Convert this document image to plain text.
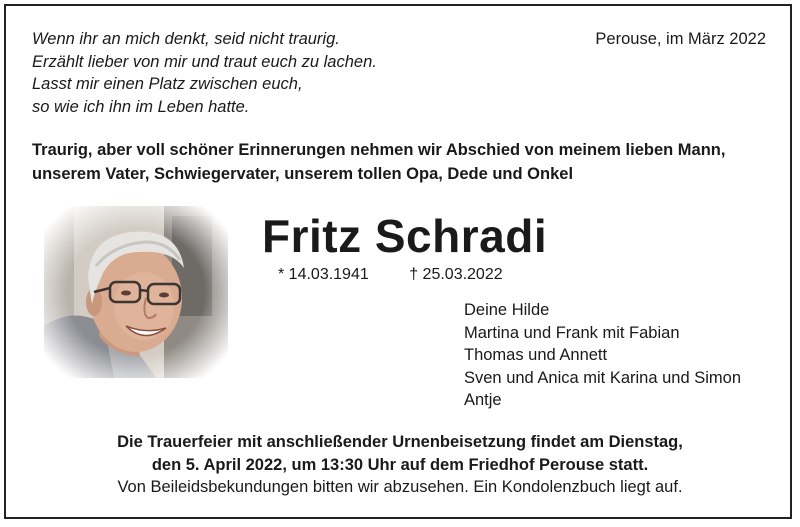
Wenn ihr an mich denkt, seid nicht traurig.
Erzählt lieber von mir und traut euch zu lachen.
Lasst mir einen Platz zwischen euch,
so wie ich ihn im Leben hatte.
Perouse, im März 2022
Traurig, aber voll schöner Erinnerungen nehmen wir Abschied von meinem lieben Mann,
unserem Vater, Schwiegervater, unserem tollen Opa, Dede und Onkel
Fritz Schradi
* 14.03.1941	† 25.03.2022
Deine Hilde
Martina und Frank mit Fabian
Thomas und Annett
Sven und Anica mit Karina und Simon
Antje
Die Trauerfeier mit anschließender Urnenbeisetzung findet am Dienstag,
den 5. April 2022, um 13:30 Uhr auf dem Friedhof Perouse statt.
Von Beileidsbekundungen bitten wir abzusehen. Ein Kondolenzbuch liegt auf.
